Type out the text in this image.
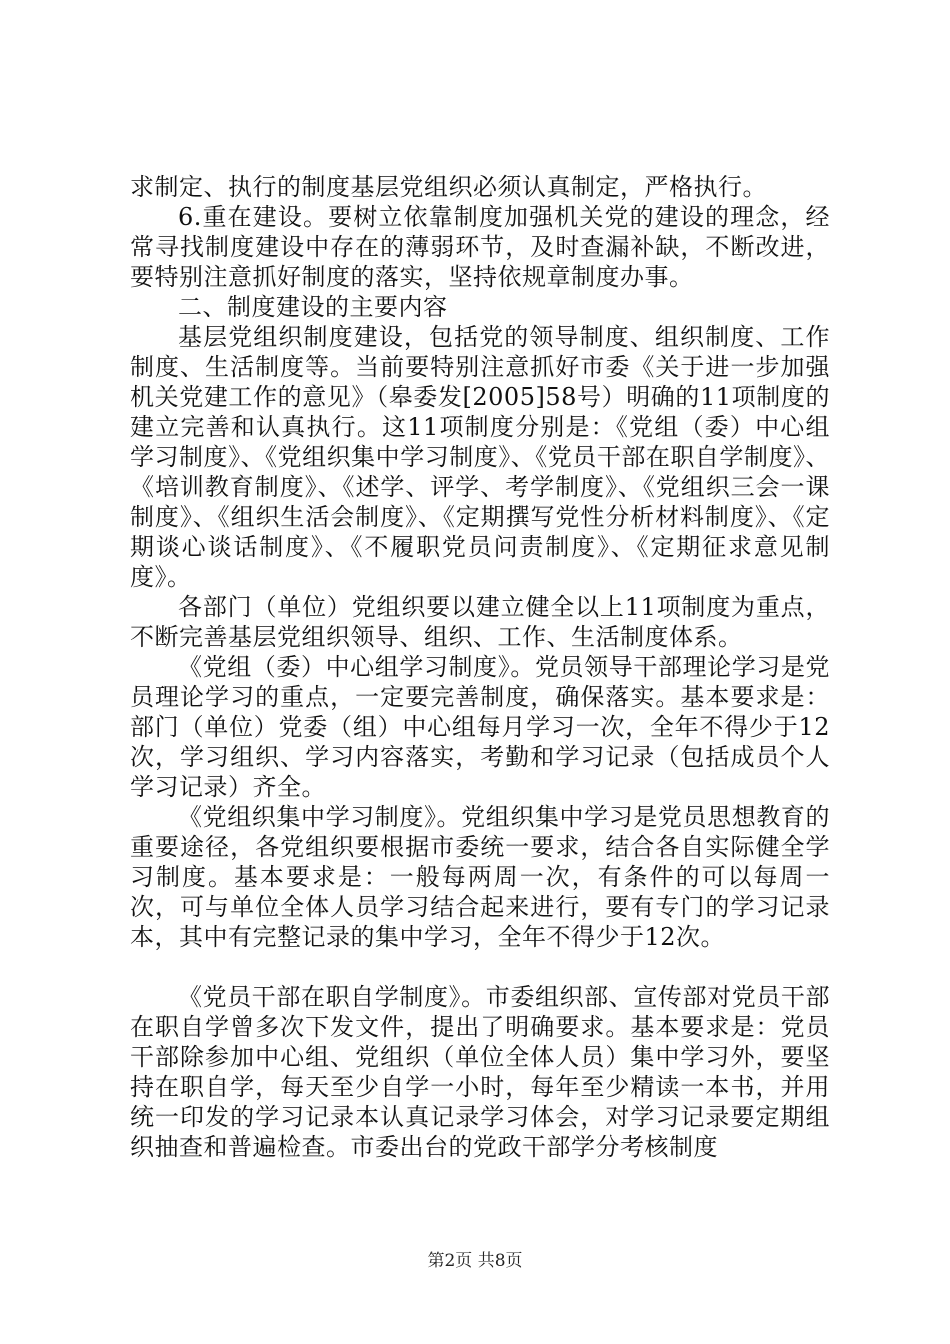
求制定、执行的制度基层党组织必须认真制定，严格执行。

6.重在建设。要树立依靠制度加强机关党的建设的理念，经常寻找制度建设中存在的薄弱环节，及时查漏补缺，不断改进，要特别注意抓好制度的落实，坚持依规章制度办事。

二、制度建设的主要内容

基层党组织制度建设，包括党的领导制度、组织制度、工作制度、生活制度等。当前要特别注意抓好市委《关于进一步加强机关党建工作的意见》（皋委发[2005]58号）明确的11项制度的建立完善和认真执行。这11项制度分别是：《党组（委）中心组学习制度》、《党组织集中学习制度》、《党员干部在职自学制度》、《培训教育制度》、《述学、评学、考学制度》、《党组织三会一课制度》、《组织生活会制度》、《定期撰写党性分析材料制度》、《定期谈心谈话制度》、《不履职党员问责制度》、《定期征求意见制度》。

各部门（单位）党组织要以建立健全以上11项制度为重点，不断完善基层党组织领导、组织、工作、生活制度体系。

《党组（委）中心组学习制度》。党员领导干部理论学习是党员理论学习的重点，一定要完善制度，确保落实。基本要求是：部门（单位）党委（组）中心组每月学习一次，全年不得少于12次，学习组织、学习内容落实，考勤和学习记录（包括成员个人学习记录）齐全。

《党组织集中学习制度》。党组织集中学习是党员思想教育的重要途径，各党组织要根据市委统一要求，结合各自实际健全学习制度。基本要求是：一般每两周一次，有条件的可以每周一次，可与单位全体人员学习结合起来进行，要有专门的学习记录本，其中有完整记录的集中学习，全年不得少于12次。

《党员干部在职自学制度》。市委组织部、宣传部对党员干部在职自学曾多次下发文件，提出了明确要求。基本要求是：党员干部除参加中心组、党组织（单位全体人员）集中学习外，要坚持在职自学，每天至少自学一小时，每年至少精读一本书，并用统一印发的学习记录本认真记录学习体会，对学习记录要定期组织抽查和普遍检查。市委出台的党政干部学分考核制度

第2页 共8页
